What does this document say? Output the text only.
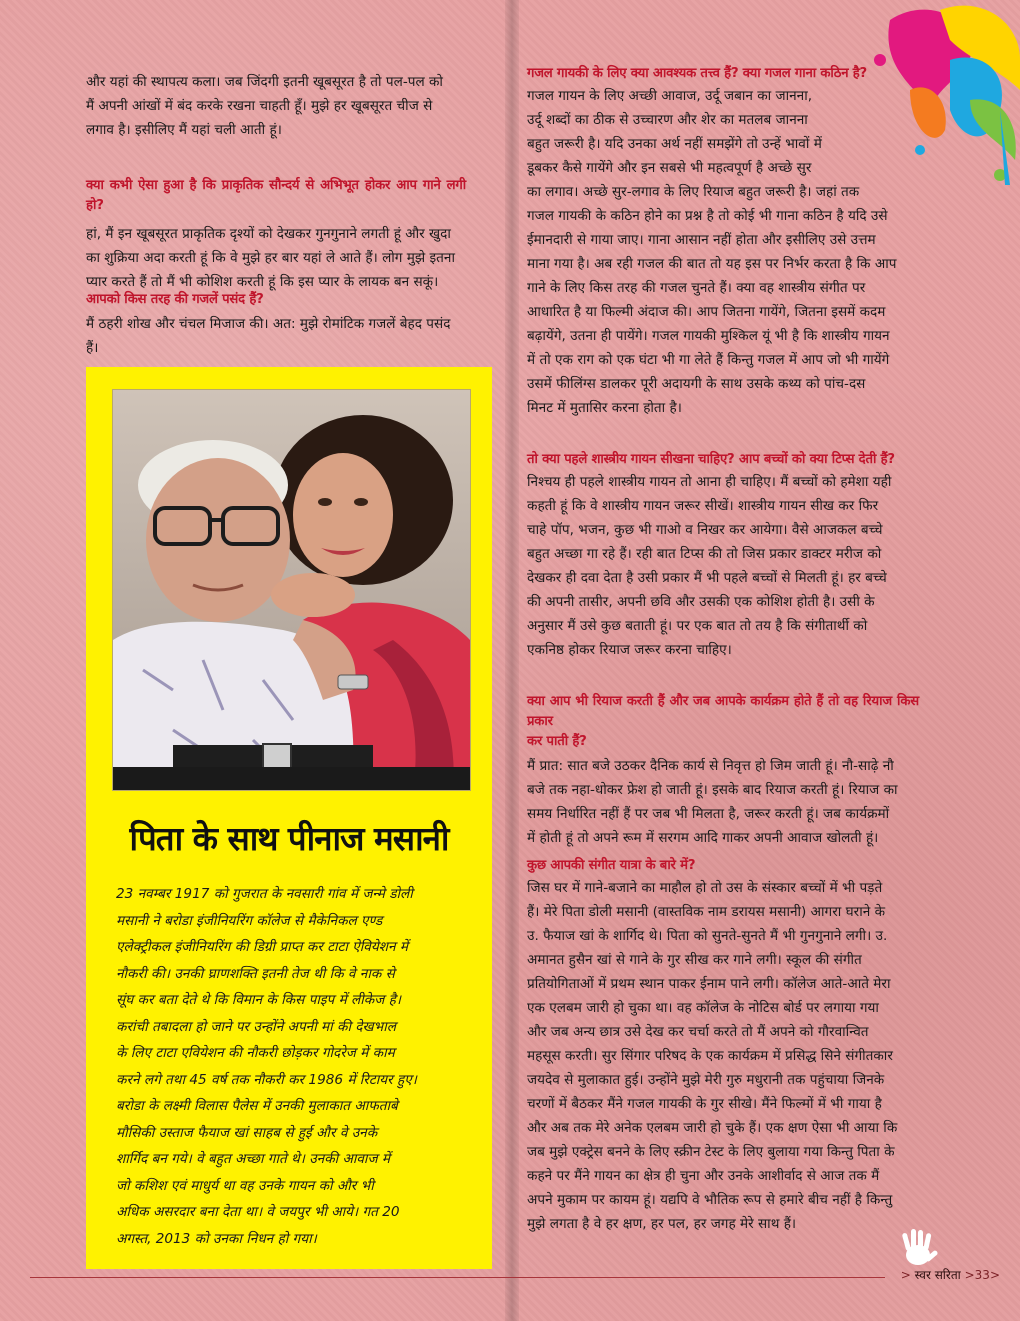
और यहां की स्थापत्य कला। जब जिंदगी इतनी खूबसूरत है तो पल-पल को
मैं अपनी आंखों में बंद करके रखना चाहती हूँ। मुझे हर खूबसूरत चीज से
लगाव है। इसीलिए मैं यहां चली आती हूं।

क्या कभी ऐसा हुआ है कि प्राकृतिक सौन्दर्य से अभिभूत होकर आप गाने लगी हो?

हां, मैं इन खूबसूरत प्राकृतिक दृश्यों को देखकर गुनगुनाने लगती हूं और खुदा
का शुक्रिया अदा करती हूं कि वे मुझे हर बार यहां ले आते हैं। लोग मुझे इतना
प्यार करते हैं तो मैं भी कोशिश करती हूं कि इस प्यार के लायक बन सकूं।

आपको किस तरह की गजलें पसंद हैं?

मैं ठहरी शोख और चंचल मिजाज की। अत: मुझे रोमांटिक गजलें बेहद पसंद
हैं।
पिता के साथ पीनाज मसानी
23 नवम्बर 1917 को गुजरात के नवसारी गांव में जन्मे डोली
मसानी ने बरोडा इंजीनियरिंग कॉलेज से मैकेनिकल एण्ड
एलेक्ट्रीकल इंजीनियरिंग की डिग्री प्राप्त कर टाटा ऐवियेशन में
नौकरी की। उनकी घ्राणशक्ति इतनी तेज थी कि वे नाक से
सूंघ कर बता देते थे कि विमान के किस पाइप में लीकेज है।
करांची तबादला हो जाने पर उन्होंने अपनी मां की देखभाल
के लिए टाटा एवियेशन की नौकरी छोड़कर गोदरेज में काम
करने लगे तथा 45 वर्ष तक नौकरी कर 1986 में रिटायर हुए।
बरोडा के लक्ष्मी विलास पैलेस में उनकी मुलाकात आफताबे
मौसिकी उस्ताज फैयाज खां साहब से हुई और वे उनके
शार्गिद बन गये। वे बहुत अच्छा गाते थे। उनकी आवाज में
जो कशिश एवं माधुर्य था वह उनके गायन को और भी
अधिक असरदार बना देता था। वे जयपुर भी आये। गत 20
अगस्त, 2013 को उनका निधन हो गया।

गजल गायकी के लिए क्या आवश्यक तत्त्व हैं? क्या गजल गाना कठिन है?

गजल गायन के लिए अच्छी आवाज, उर्दू जबान का जानना,
उर्दू शब्दों का ठीक से उच्चारण और शेर का मतलब जानना
बहुत जरूरी है। यदि उनका अर्थ नहीं समझेंगे तो उन्हें भावों में
डूबकर कैसे गायेंगे और इन सबसे भी महत्वपूर्ण है अच्छे सुर
का लगाव। अच्छे सुर-लगाव के लिए रियाज बहुत जरूरी है। जहां तक
गजल गायकी के कठिन होने का प्रश्न है तो कोई भी गाना कठिन है यदि उसे
ईमानदारी से गाया जाए। गाना आसान नहीं होता और इसीलिए उसे उत्तम
माना गया है। अब रही गजल की बात तो यह इस पर निर्भर करता है कि आप
गाने के लिए किस तरह की गजल चुनते हैं। क्या वह शास्त्रीय संगीत पर
आधारित है या फिल्मी अंदाज की। आप जितना गायेंगे, जितना इसमें कदम
बढ़ायेंगे, उतना ही पायेंगे। गजल गायकी मुश्किल यूं भी है कि शास्त्रीय गायन
में तो एक राग को एक घंटा भी गा लेते हैं किन्तु गजल में आप जो भी गायेंगे
उसमें फीलिंग्स डालकर पूरी अदायगी के साथ उसके कथ्य को पांच-दस
मिनट में मुतासिर करना होता है।

तो क्या पहले शास्त्रीय गायन सीखना चाहिए? आप बच्चों को क्या टिप्स देती हैं?

निश्चय ही पहले शास्त्रीय गायन तो आना ही चाहिए। मैं बच्चों को हमेशा यही
कहती हूं कि वे शास्त्रीय गायन जरूर सीखें। शास्त्रीय गायन सीख कर फिर
चाहे पॉप, भजन, कुछ भी गाओ व निखर कर आयेगा। वैसे आजकल बच्चे
बहुत अच्छा गा रहे हैं। रही बात टिप्स की तो जिस प्रकार डाक्टर मरीज को
देखकर ही दवा देता है उसी प्रकार मैं भी पहले बच्चों से मिलती हूं। हर बच्चे
की अपनी तासीर, अपनी छवि और उसकी एक कोशिश होती है। उसी के
अनुसार मैं उसे कुछ बताती हूं। पर एक बात तो तय है कि संगीतार्थी को
एकनिष्ठ होकर रियाज जरूर करना चाहिए।

क्या आप भी रियाज करती हैं और जब आपके कार्यक्रम होते हैं तो वह रियाज किस प्रकार

कर पाती हैं?

मैं प्रात: सात बजे उठकर दैनिक कार्य से निवृत्त हो जिम जाती हूं। नौ-साढ़े नौ
बजे तक नहा-धोकर फ्रेश हो जाती हूं। इसके बाद रियाज करती हूं। रियाज का
समय निर्धारित नहीं हैं पर जब भी मिलता है, जरूर करती हूं। जब कार्यक्रमों
में होती हूं तो अपने रूम में सरगम आदि गाकर अपनी आवाज खोलती हूं।

कुछ आपकी संगीत यात्रा के बारे में?

जिस घर में गाने-बजाने का माहौल हो तो उस के संस्कार बच्चों में भी पड़ते
हैं। मेरे पिता डोली मसानी (वास्तविक नाम डरायस मसानी) आगरा घराने के
उ. फैयाज खां के शार्गिद थे। पिता को सुनते-सुनते मैं भी गुनगुनाने लगी। उ.
अमानत हुसैन खां से गाने के गुर सीख कर गाने लगी। स्कूल की संगीत
प्रतियोगिताओं में प्रथम स्थान पाकर ईनाम पाने लगी। कॉलेज आते-आते मेरा
एक एलबम जारी हो चुका था। वह कॉलेज के नोटिस बोर्ड पर लगाया गया
और जब अन्य छात्र उसे देख कर चर्चा करते तो मैं अपने को गौरवान्वित
महसूस करती। सुर सिंगार परिषद के एक कार्यक्रम में प्रसिद्ध सिने संगीतकार
जयदेव से मुलाकात हुई। उन्होंने मुझे मेरी गुरु मधुरानी तक पहुंचाया जिनके
चरणों में बैठकर मैंने गजल गायकी के गुर सीखे। मैंने फिल्मों में भी गाया है
और अब तक मेरे अनेक एलबम जारी हो चुके हैं। एक क्षण ऐसा भी आया कि
जब मुझे एक्ट्रेस बनने के लिए स्क्रीन टेस्ट के लिए बुलाया गया किन्तु पिता के
कहने पर मैंने गायन का क्षेत्र ही चुना और उनके आशीर्वाद से आज तक मैं
अपने मुकाम पर कायम हूं। यद्यपि वे भौतिक रूप से हमारे बीच नहीं है किन्तु
मुझे लगता है वे हर क्षण, हर पल, हर जगह मेरे साथ हैं।
> स्वर सरिता >33>
